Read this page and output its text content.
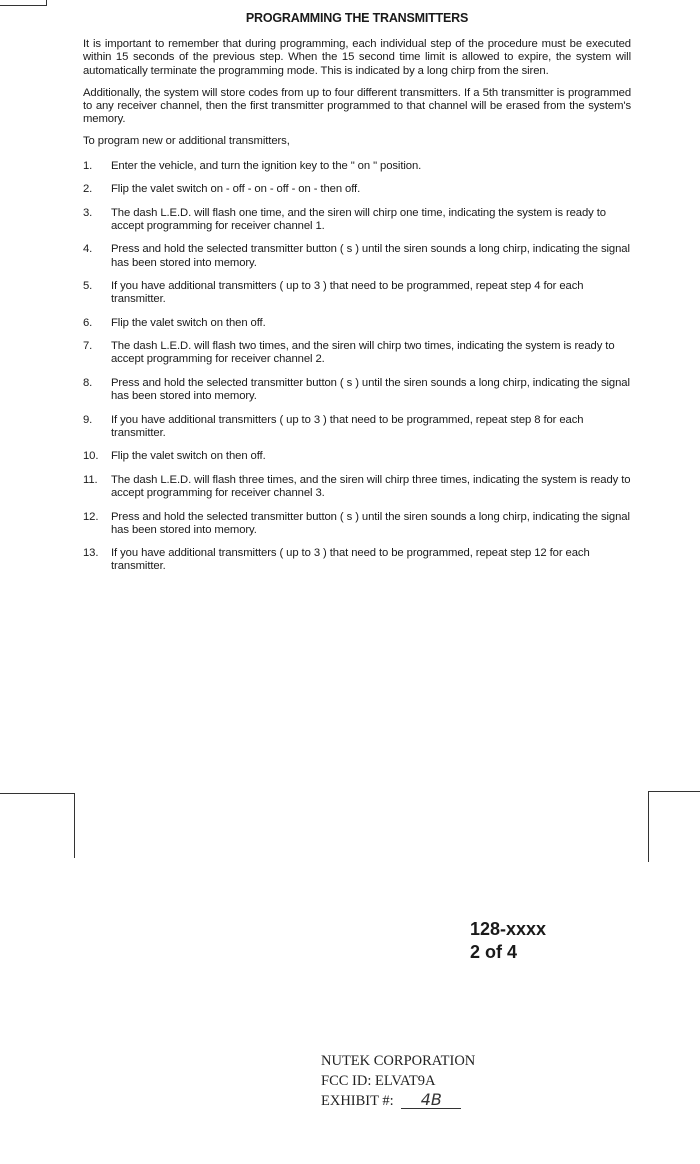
PROGRAMMING THE TRANSMITTERS

It is important to remember that during programming, each individual step of the procedure must be executed within 15 seconds of the previous step. When the 15 second time limit is allowed to expire, the system will automatically terminate the programming mode. This is indicated by a long chirp from the siren.

Additionally, the system will store codes from up to four different transmitters. If a 5th transmitter is programmed to any receiver channel, then the first transmitter programmed to that channel will be erased from the system's memory.

To program new or additional transmitters,

1. Enter the vehicle, and turn the ignition key to the " on " position.
2. Flip the valet switch on - off - on - off - on - then off.
3. The dash L.E.D. will flash one time, and the siren will chirp one time, indicating the system is ready to accept programming for receiver channel 1.
4. Press and hold the selected transmitter button ( s ) until the siren sounds a long chirp, indicating the signal has been stored into memory.
5. If you have additional transmitters ( up to 3 ) that need to be programmed, repeat step 4 for each transmitter.
6. Flip the valet switch on then off.
7. The dash L.E.D. will flash two times, and the siren will chirp two times, indicating the system is ready to accept programming for receiver channel 2.
8. Press and hold the selected transmitter button ( s ) until the siren sounds a long chirp, indicating the signal has been stored into memory.
9. If you have additional transmitters ( up to 3 ) that need to be programmed, repeat step 8 for each transmitter.
10. Flip the valet switch on then off.
11. The dash L.E.D. will flash three times, and the siren will chirp three times, indicating the system is ready to accept programming for receiver channel 3.
12. Press and hold the selected transmitter button ( s ) until the siren sounds a long chirp, indicating the signal has been stored into memory.
13. If you have additional transmitters ( up to 3 ) that need to be programmed, repeat step 12 for each transmitter.
128-xxxx
2 of 4
NUTEK CORPORATION
FCC ID: ELVAT9A
EXHIBIT #: 4B
